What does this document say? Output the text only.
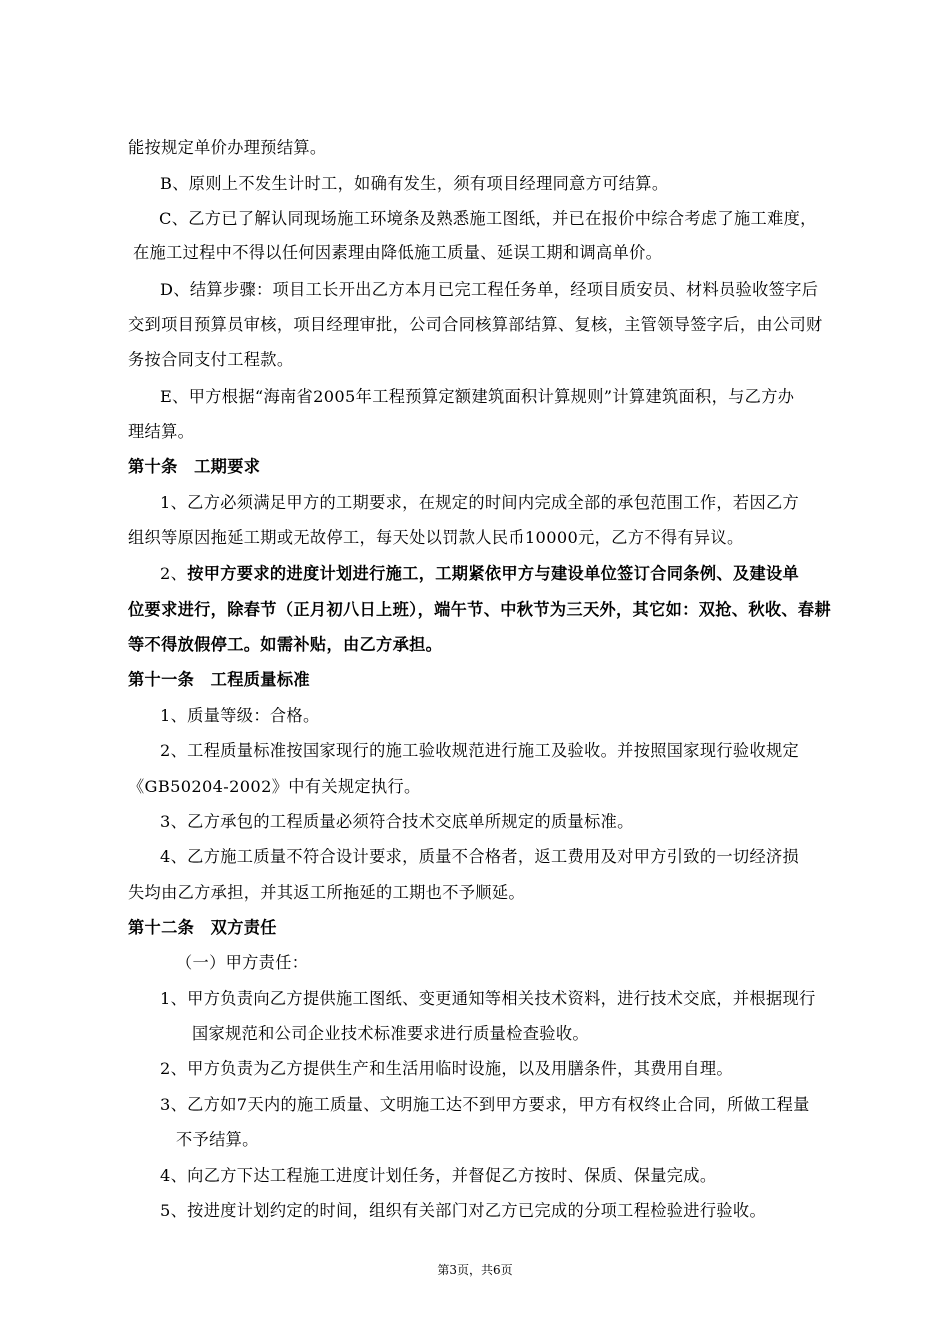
能按规定单价办理预结算。
B、原则上不发生计时工，如确有发生，须有项目经理同意方可结算。
C、乙方已了解认同现场施工环境条及熟悉施工图纸，并已在报价中综合考虑了施工难度，
在施工过程中不得以任何因素理由降低施工质量、延误工期和调高单价。
D、结算步骤：项目工长开出乙方本月已完工程任务单，经项目质安员、材料员验收签字后
交到项目预算员审核，项目经理审批，公司合同核算部结算、复核，主管领导签字后，由公司财
务按合同支付工程款。
E、甲方根据“海南省2005年工程预算定额建筑面积计算规则”计算建筑面积，与乙方办
理结算。
第十条　工期要求
1、乙方必须满足甲方的工期要求，在规定的时间内完成全部的承包范围工作，若因乙方
组织等原因拖延工期或无故停工，每天处以罚款人民币10000元，乙方不得有异议。
2、按甲方要求的进度计划进行施工，工期紧依甲方与建设单位签订合同条例、及建设单
位要求进行，除春节（正月初八日上班），端午节、中秋节为三天外，其它如：双抢、秋收、春耕
等不得放假停工。如需补贴，由乙方承担。
第十一条　工程质量标准
1、质量等级：合格。
2、工程质量标准按国家现行的施工验收规范进行施工及验收。并按照国家现行验收规定
《GB50204-2002》中有关规定执行。
3、乙方承包的工程质量必须符合技术交底单所规定的质量标准。
4、乙方施工质量不符合设计要求，质量不合格者，返工费用及对甲方引致的一切经济损
失均由乙方承担，并其返工所拖延的工期也不予顺延。
第十二条　双方责任
（一）甲方责任：
1、甲方负责向乙方提供施工图纸、变更通知等相关技术资料，进行技术交底，并根据现行
国家规范和公司企业技术标准要求进行质量检查验收。
2、甲方负责为乙方提供生产和生活用临时设施，以及用膳条件，其费用自理。
3、乙方如7天内的施工质量、文明施工达不到甲方要求，甲方有权终止合同，所做工程量
不予结算。
4、向乙方下达工程施工进度计划任务，并督促乙方按时、保质、保量完成。
5、按进度计划约定的时间，组织有关部门对乙方已完成的分项工程检验进行验收。
第3页，共6页
